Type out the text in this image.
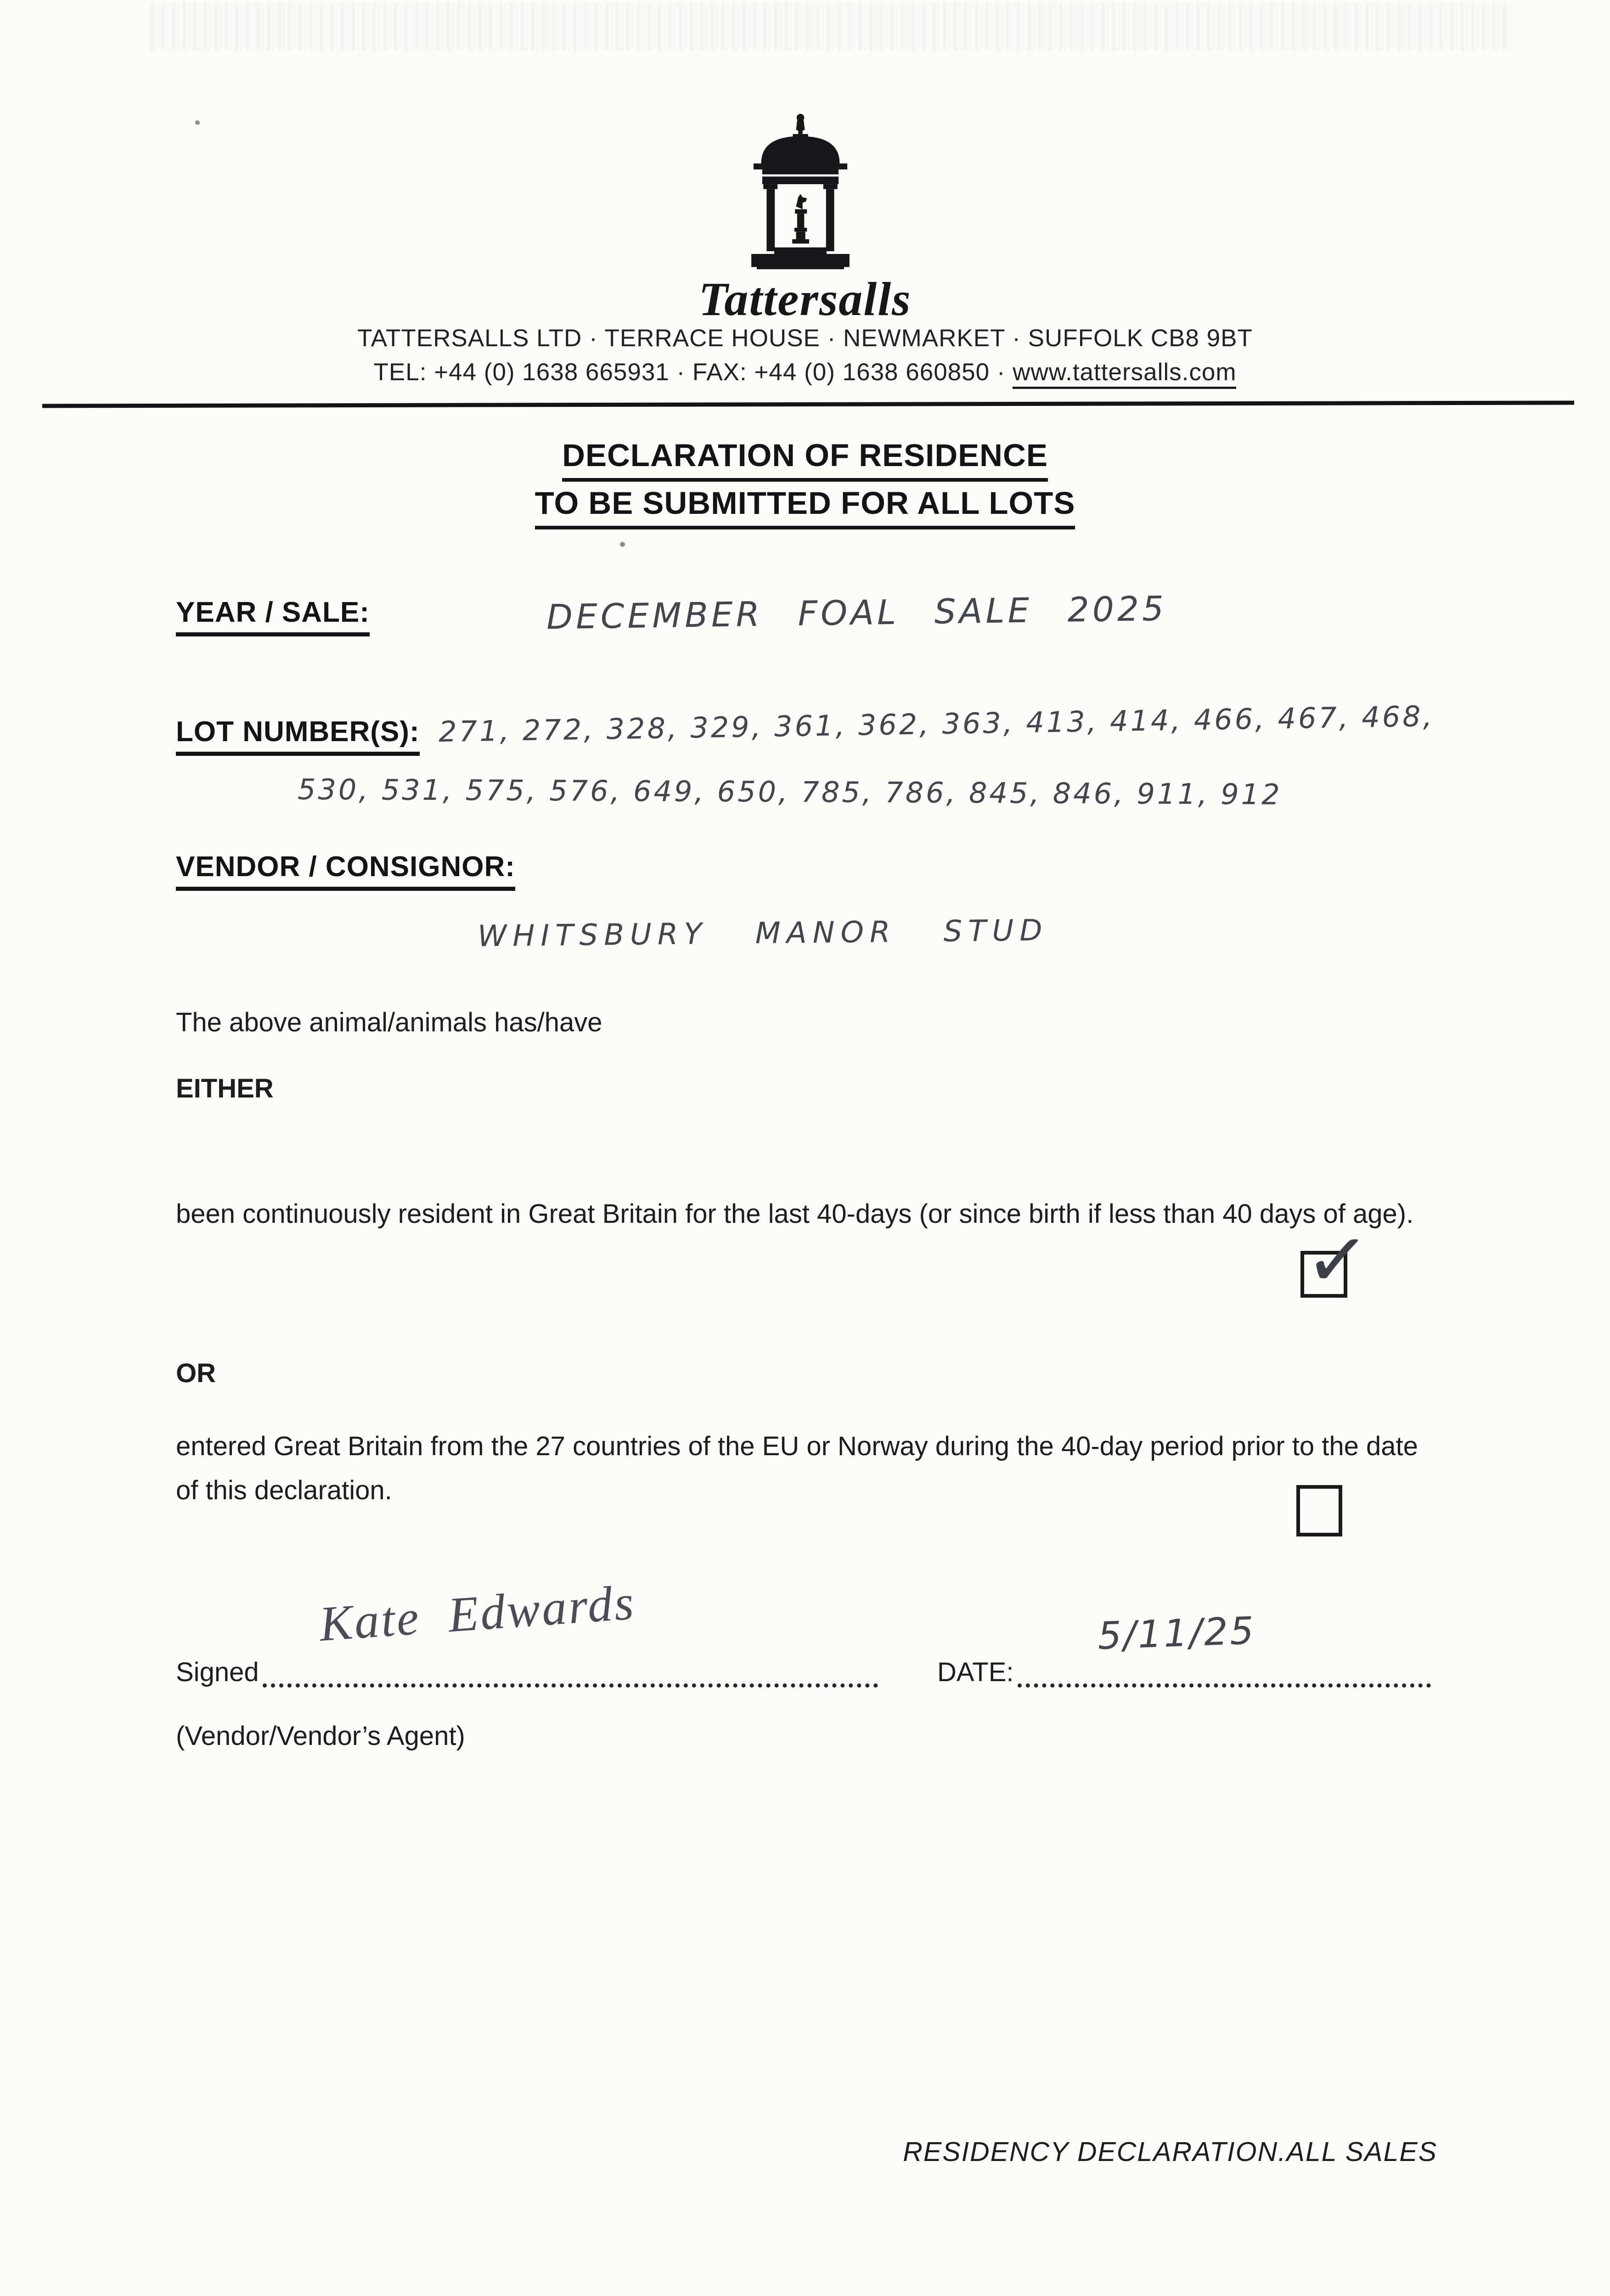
Tattersalls
TATTERSALLS LTD · TERRACE HOUSE · NEWMARKET · SUFFOLK CB8 9BT
TEL: +44 (0) 1638 665931 · FAX: +44 (0) 1638 660850 · www.tattersalls.com
DECLARATION OF RESIDENCE
TO BE SUBMITTED FOR ALL LOTS
YEAR / SALE:	DECEMBER FOAL SALE 2025
LOT NUMBER(S): 271, 272, 328, 329, 361, 362, 363, 413, 414, 466, 467, 468,
530, 531, 575, 576, 649, 650, 785, 786, 845, 846, 911, 912
VENDOR / CONSIGNOR:
WHITSBURY MANOR STUD
The above animal/animals has/have
EITHER
been continuously resident in Great Britain for the last 40-days (or since birth if less than 40 days of age).
✓
OR
entered Great Britain from the 27 countries of the EU or Norway during the 40-day period prior to the date of this declaration.
Signed
Kate Edwards
DATE:
5/11/25
(Vendor/Vendor’s Agent)
RESIDENCY DECLARATION.ALL SALES
